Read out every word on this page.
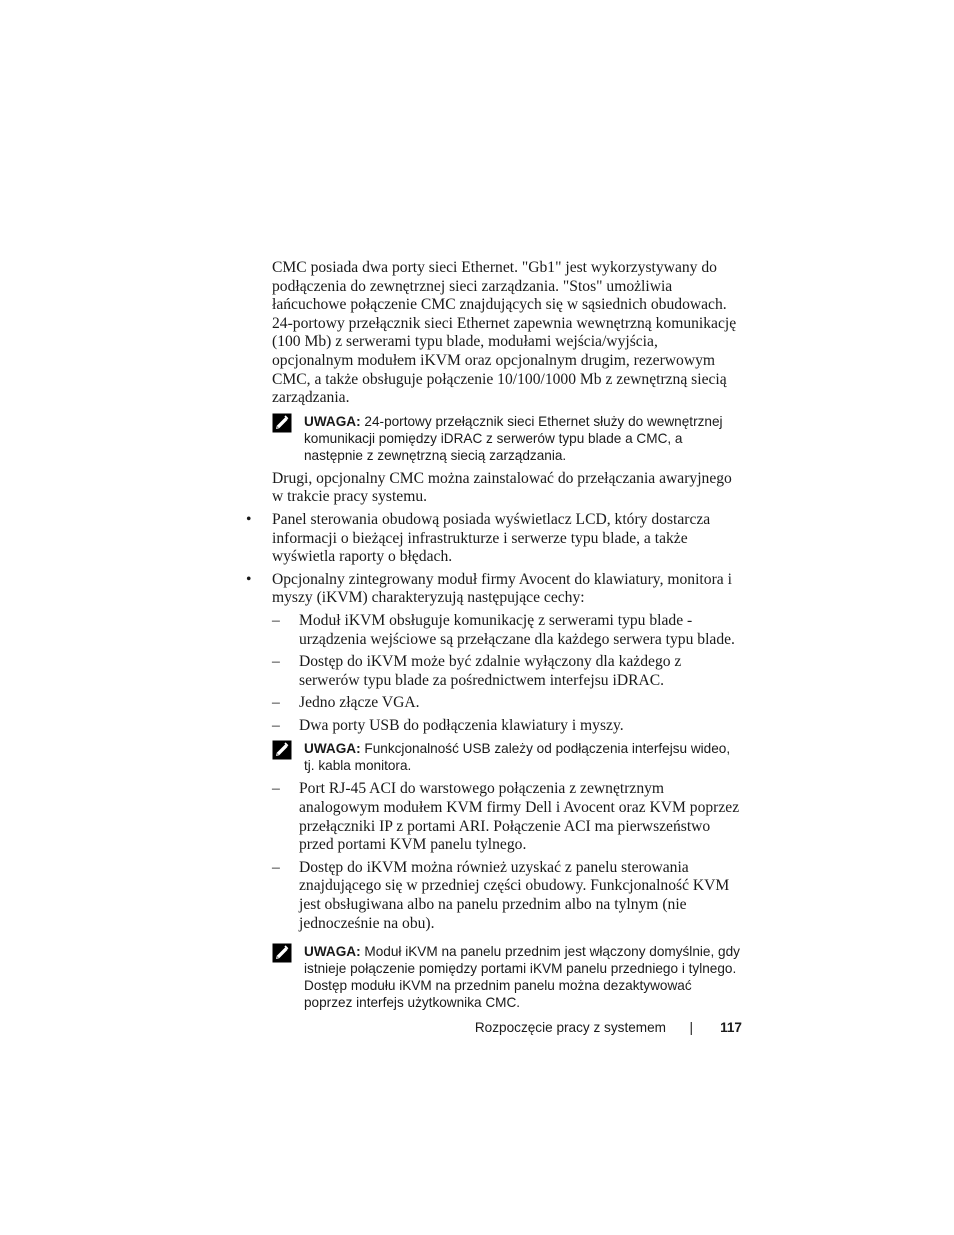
CMC posiada dwa porty sieci Ethernet. "Gb1" jest wykorzystywany do podłączenia do zewnętrznej sieci zarządzania. "Stos" umożliwia łańcuchowe połączenie CMC znajdujących się w sąsiednich obudowach. 24-portowy przełącznik sieci Ethernet zapewnia wewnętrzną komunikację (100 Mb) z serwerami typu blade, modułami wejścia/wyjścia, opcjonalnym modułem iKVM oraz opcjonalnym drugim, rezerwowym CMC, a także obsługuje połączenie 10/100/1000 Mb z zewnętrzną siecią zarządzania.

UWAGA: 24-portowy przełącznik sieci Ethernet służy do wewnętrznej komunikacji pomiędzy iDRAC z serwerów typu blade a CMC, a następnie z zewnętrzną siecią zarządzania.

Drugi, opcjonalny CMC można zainstalować do przełączania awaryjnego w trakcie pracy systemu.

• Panel sterowania obudową posiada wyświetlacz LCD, który dostarcza informacji o bieżącej infrastrukturze i serwerze typu blade, a także wyświetla raporty o błędach.
• Opcjonalny zintegrowany moduł firmy Avocent do klawiatury, monitora i myszy (iKVM) charakteryzują następujące cechy:
– Moduł iKVM obsługuje komunikację z serwerami typu blade - urządzenia wejściowe są przełączane dla każdego serwera typu blade.
– Dostęp do iKVM może być zdalnie wyłączony dla każdego z serwerów typu blade za pośrednictwem interfejsu iDRAC.
– Jedno złącze VGA.
– Dwa porty USB do podłączenia klawiatury i myszy.
UWAGA: Funkcjonalność USB zależy od podłączenia interfejsu wideo, tj. kabla monitora.
– Port RJ-45 ACI do warstowego połączenia z zewnętrznym analogowym modułem KVM firmy Dell i Avocent oraz KVM poprzez przełączniki IP z portami ARI. Połączenie ACI ma pierwszeństwo przed portami KVM panelu tylnego.
– Dostęp do iKVM można również uzyskać z panelu sterowania znajdującego się w przedniej części obudowy. Funkcjonalność KVM jest obsługiwana albo na panelu przednim albo na tylnym (nie jednocześnie na obu).
UWAGA: Moduł iKVM na panelu przednim jest włączony domyślnie, gdy istnieje połączenie pomiędzy portami iKVM panelu przedniego i tylnego. Dostęp modułu iKVM na przednim panelu można dezaktywować poprzez interfejs użytkownika CMC.
Rozpoczęcie pracy z systemem | 117
